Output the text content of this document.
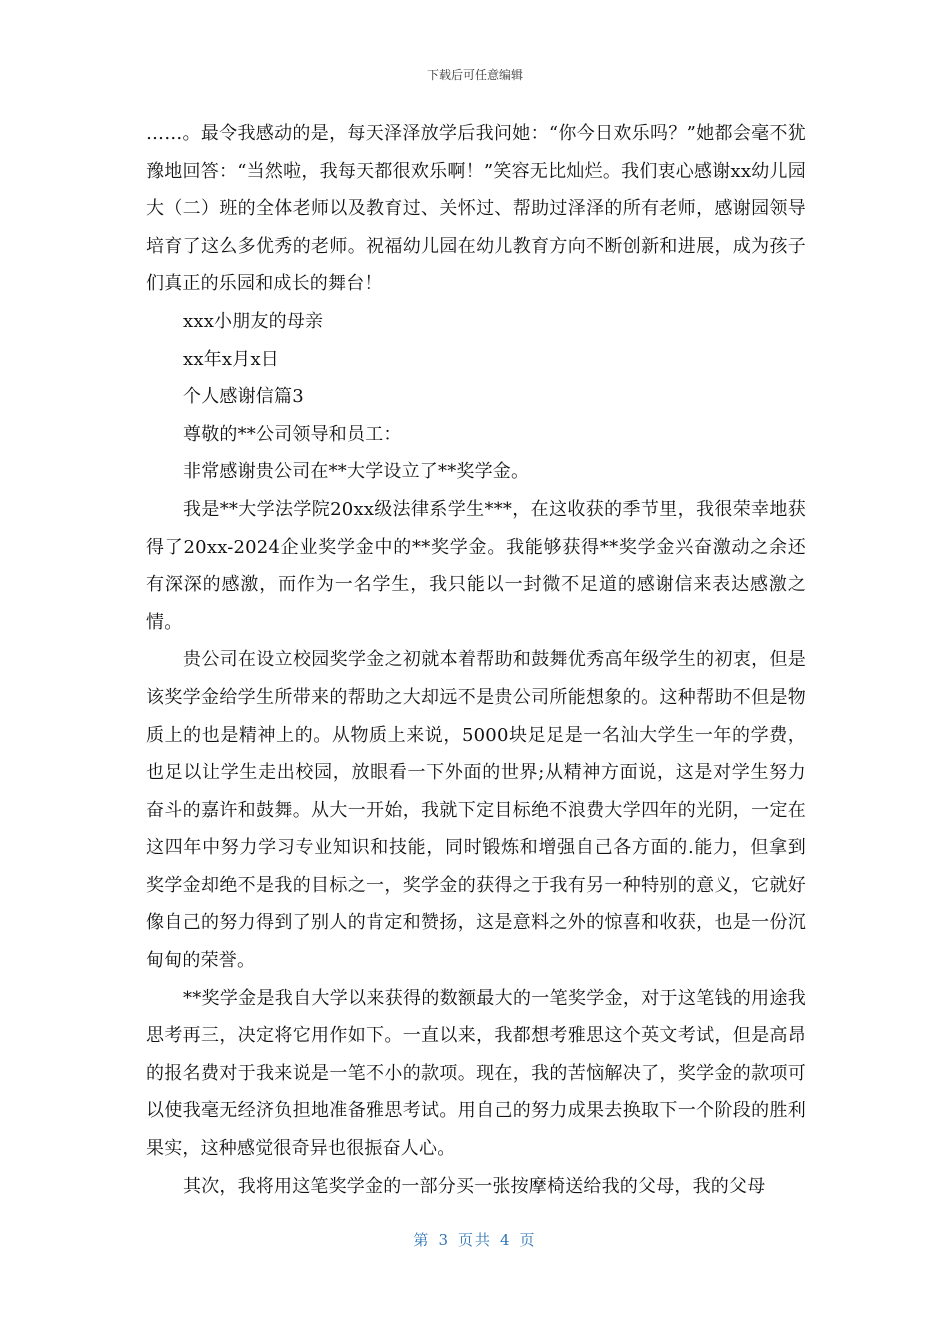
下载后可任意编辑

……。最令我感动的是，每天泽泽放学后我问她：“你今日欢乐吗？”她都会毫不犹豫地回答：“当然啦，我每天都很欢乐啊！”笑容无比灿烂。我们衷心感谢xx幼儿园大（二）班的全体老师以及教育过、关怀过、帮助过泽泽的所有老师，感谢园领导培育了这么多优秀的老师。祝福幼儿园在幼儿教育方向不断创新和进展，成为孩子们真正的乐园和成长的舞台！

xxx小朋友的母亲

xx年x月x日

个人感谢信篇3

尊敬的**公司领导和员工：

非常感谢贵公司在**大学设立了**奖学金。

我是**大学法学院20xx级法律系学生***，在这收获的季节里，我很荣幸地获得了20xx-2024企业奖学金中的**奖学金。我能够获得**奖学金兴奋激动之余还有深深的感激，而作为一名学生，我只能以一封微不足道的感谢信来表达感激之情。

贵公司在设立校园奖学金之初就本着帮助和鼓舞优秀高年级学生的初衷，但是该奖学金给学生所带来的帮助之大却远不是贵公司所能想象的。这种帮助不但是物质上的也是精神上的。从物质上来说，5000块足足是一名汕大学生一年的学费，也足以让学生走出校园，放眼看一下外面的世界;从精神方面说，这是对学生努力奋斗的嘉许和鼓舞。从大一开始，我就下定目标绝不浪费大学四年的光阴，一定在这四年中努力学习专业知识和技能，同时锻炼和增强自己各方面的.能力，但拿到奖学金却绝不是我的目标之一，奖学金的获得之于我有另一种特别的意义，它就好像自己的努力得到了别人的肯定和赞扬，这是意料之外的惊喜和收获，也是一份沉甸甸的荣誉。

**奖学金是我自大学以来获得的数额最大的一笔奖学金，对于这笔钱的用途我思考再三，决定将它用作如下。一直以来，我都想考雅思这个英文考试，但是高昂的报名费对于我来说是一笔不小的款项。现在，我的苦恼解决了，奖学金的款项可以使我毫无经济负担地准备雅思考试。用自己的努力成果去换取下一个阶段的胜利果实，这种感觉很奇异也很振奋人心。

其次，我将用这笔奖学金的一部分买一张按摩椅送给我的父母，我的父母

第 3 页共 4 页
